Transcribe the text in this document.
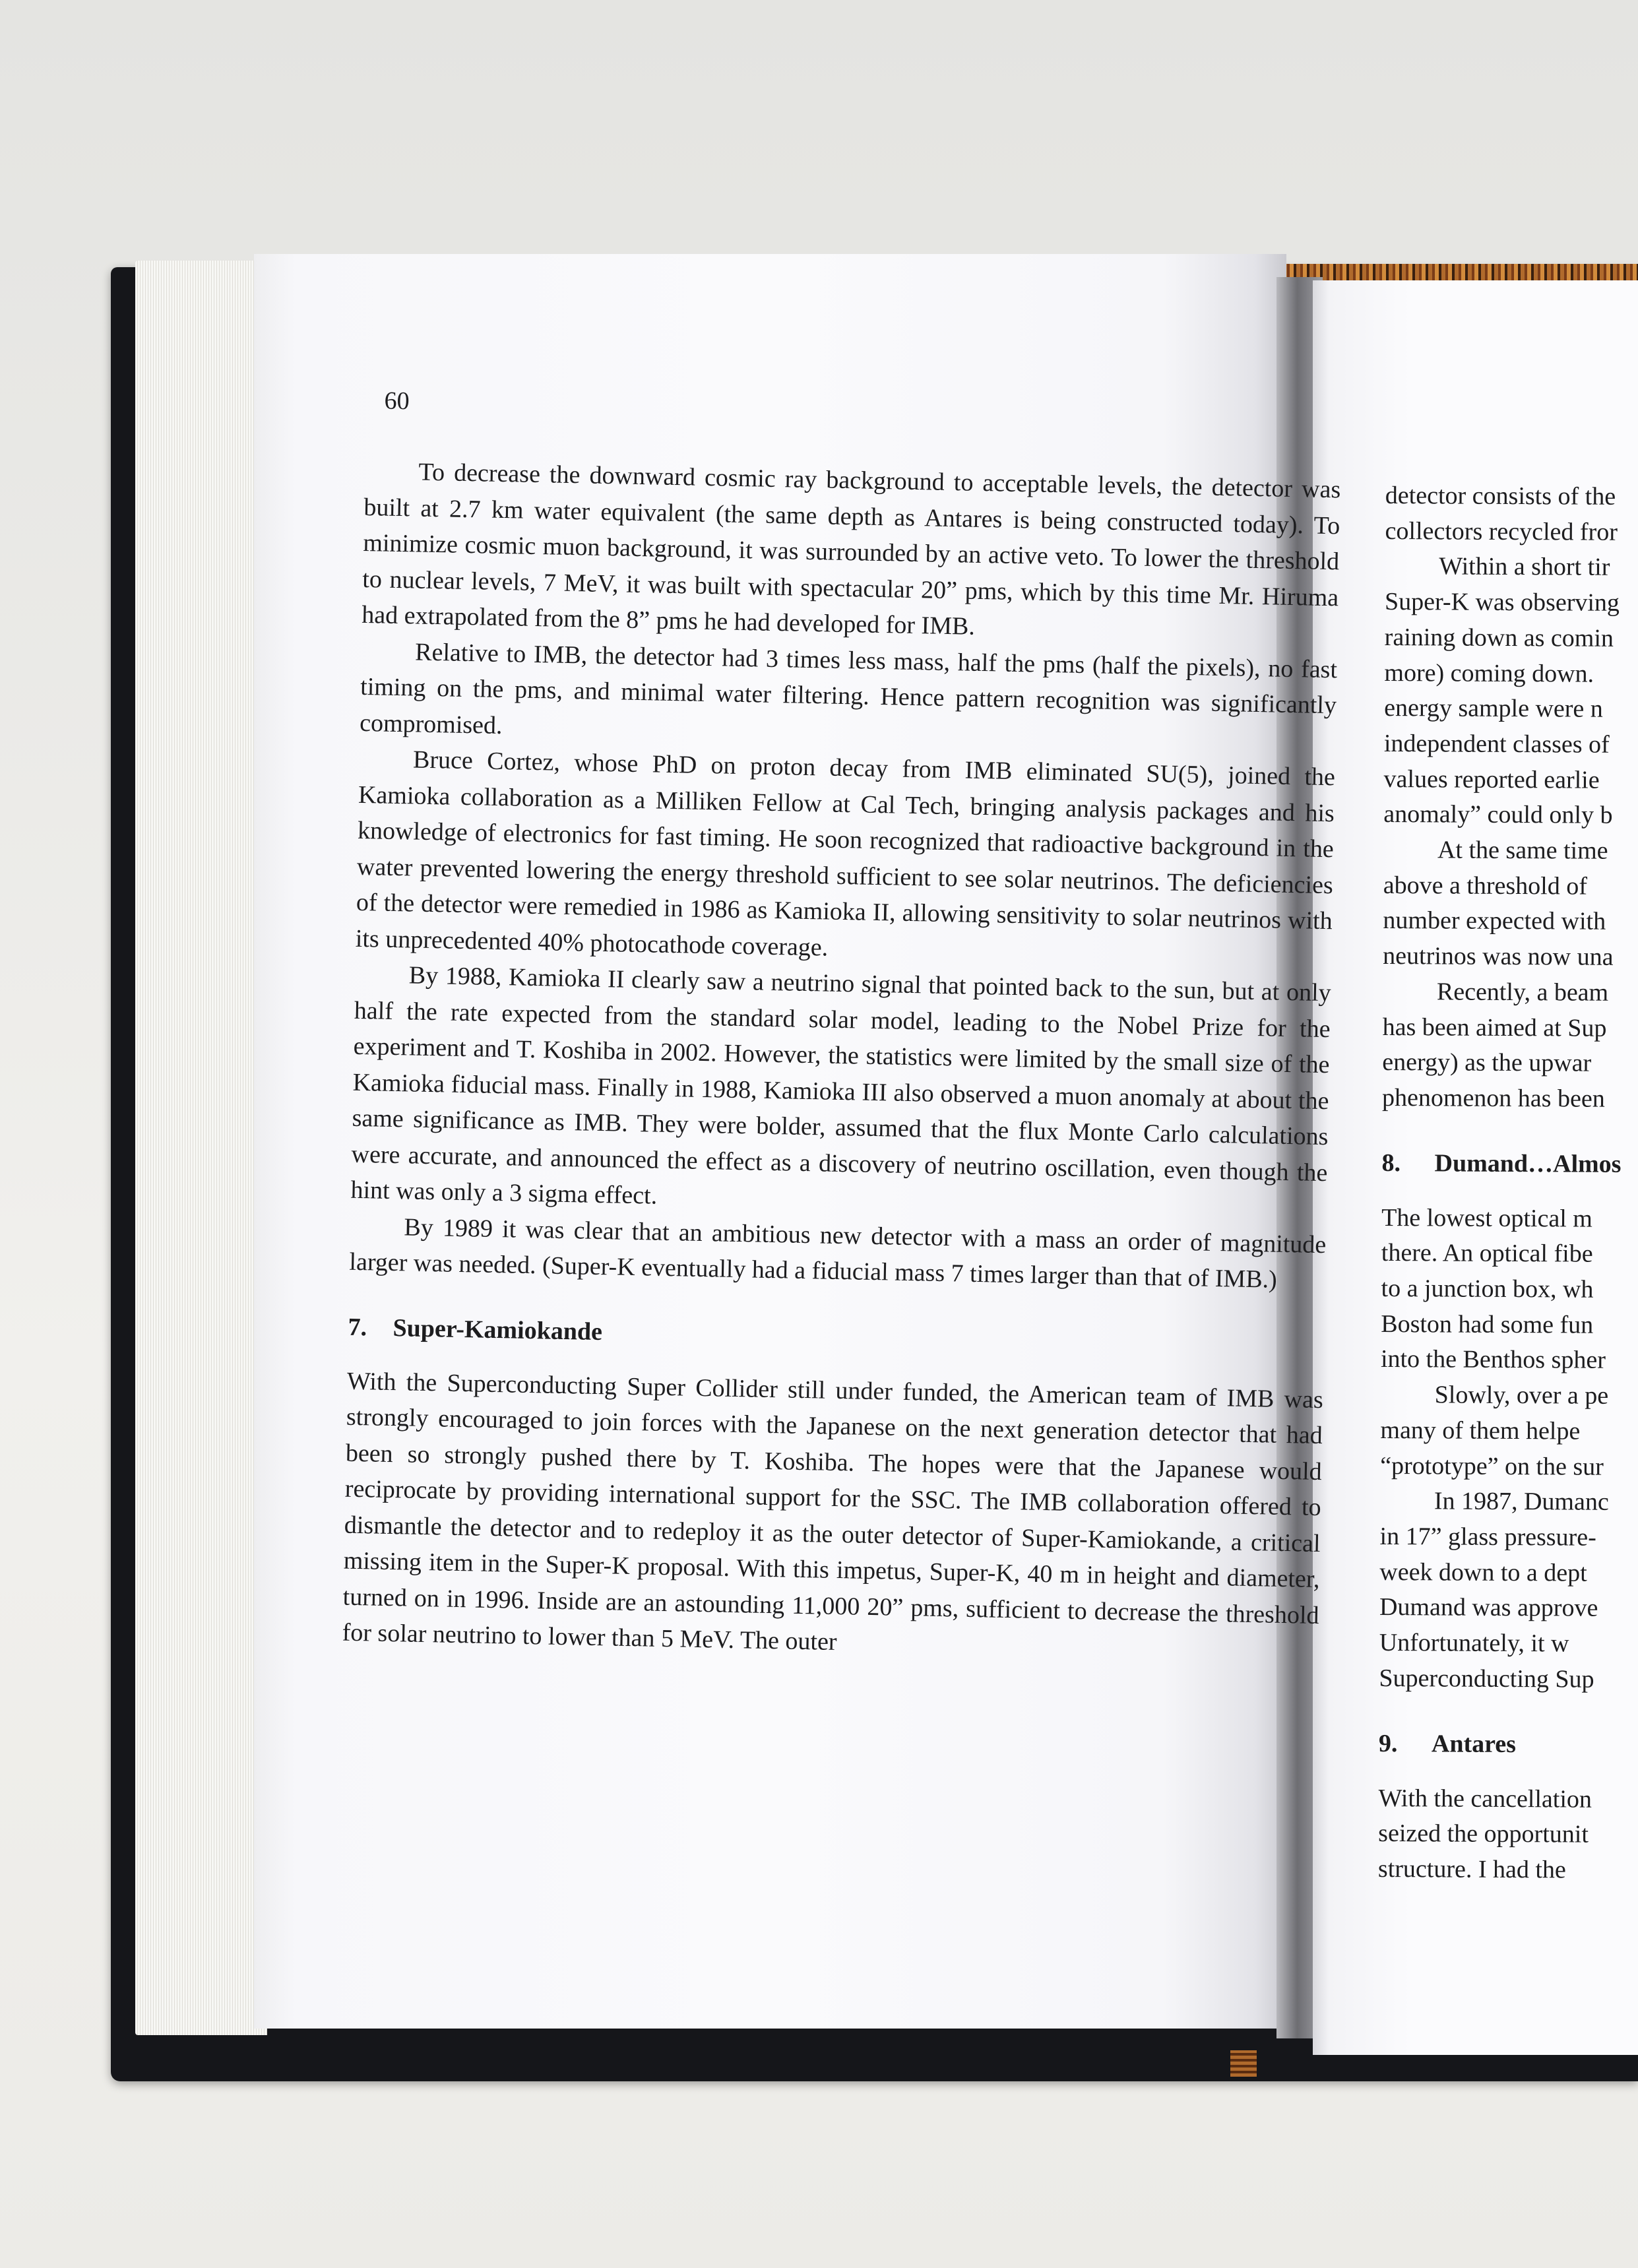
60

To decrease the downward cosmic ray background to acceptable levels, the detector was built at 2.7 km water equivalent (the same depth as Antares is being constructed today). To minimize cosmic muon background, it was surrounded by an active veto. To lower the threshold to nuclear levels, 7 MeV, it was built with spectacular 20” pms, which by this time Mr. Hiruma had extrapolated from the 8” pms he had developed for IMB.

Relative to IMB, the detector had 3 times less mass, half the pms (half the pixels), no fast timing on the pms, and minimal water filtering. Hence pattern recognition was significantly compromised.

Bruce Cortez, whose PhD on proton decay from IMB eliminated SU(5), joined the Kamioka collaboration as a Milliken Fellow at Cal Tech, bringing analysis packages and his knowledge of electronics for fast timing. He soon recognized that radioactive background in the water prevented lowering the energy threshold sufficient to see solar neutrinos. The deficiencies of the detector were remedied in 1986 as Kamioka II, allowing sensitivity to solar neutrinos with its unprecedented 40% photocathode coverage.

By 1988, Kamioka II clearly saw a neutrino signal that pointed back to the sun, but at only half the rate expected from the standard solar model, leading to the Nobel Prize for the experiment and T. Koshiba in 2002. However, the statistics were limited by the small size of the Kamioka fiducial mass. Finally in 1988, Kamioka III also observed a muon anomaly at about the same significance as IMB. They were bolder, assumed that the flux Monte Carlo calculations were accurate, and announced the effect as a discovery of neutrino oscillation, even though the hint was only a 3 sigma effect.

By 1989 it was clear that an ambitious new detector with a mass an order of magnitude larger was needed. (Super-K eventually had a fiducial mass 7 times larger than that of IMB.)

7. Super-Kamiokande

With the Superconducting Super Collider still under funded, the American team of IMB was strongly encouraged to join forces with the Japanese on the next generation detector that had been so strongly pushed there by T. Koshiba. The hopes were that the Japanese would reciprocate by providing international support for the SSC. The IMB collaboration offered to dismantle the detector and to redeploy it as the outer detector of Super-Kamiokande, a critical missing item in the Super-K proposal. With this impetus, Super-K, 40 m in height and diameter, turned on in 1996. Inside are an astounding 11,000 20” pms, sufficient to decrease the threshold for solar neutrino to lower than 5 MeV. The outer

detector consists of the
collectors recycled fror
Within a short tir
Super-K was observing
raining down as comin
more) coming down.
energy sample were n
independent classes of
values reported earlie
anomaly” could only b
At the same time
above a threshold of
number expected with
neutrinos was now una
Recently, a beam
has been aimed at Sup
energy) as the upwar
phenomenon has been
8. Dumand…Almos
The lowest optical m
there. An optical fibe
to a junction box, wh
Boston had some fun
into the Benthos spher
Slowly, over a pe
many of them helpe
“prototype” on the sur
In 1987, Dumanc
in 17” glass pressure-
week down to a dept
Dumand was approve
Unfortunately, it w
Superconducting Sup
9. Antares
With the cancellation
seized the opportunit
structure. I had the
